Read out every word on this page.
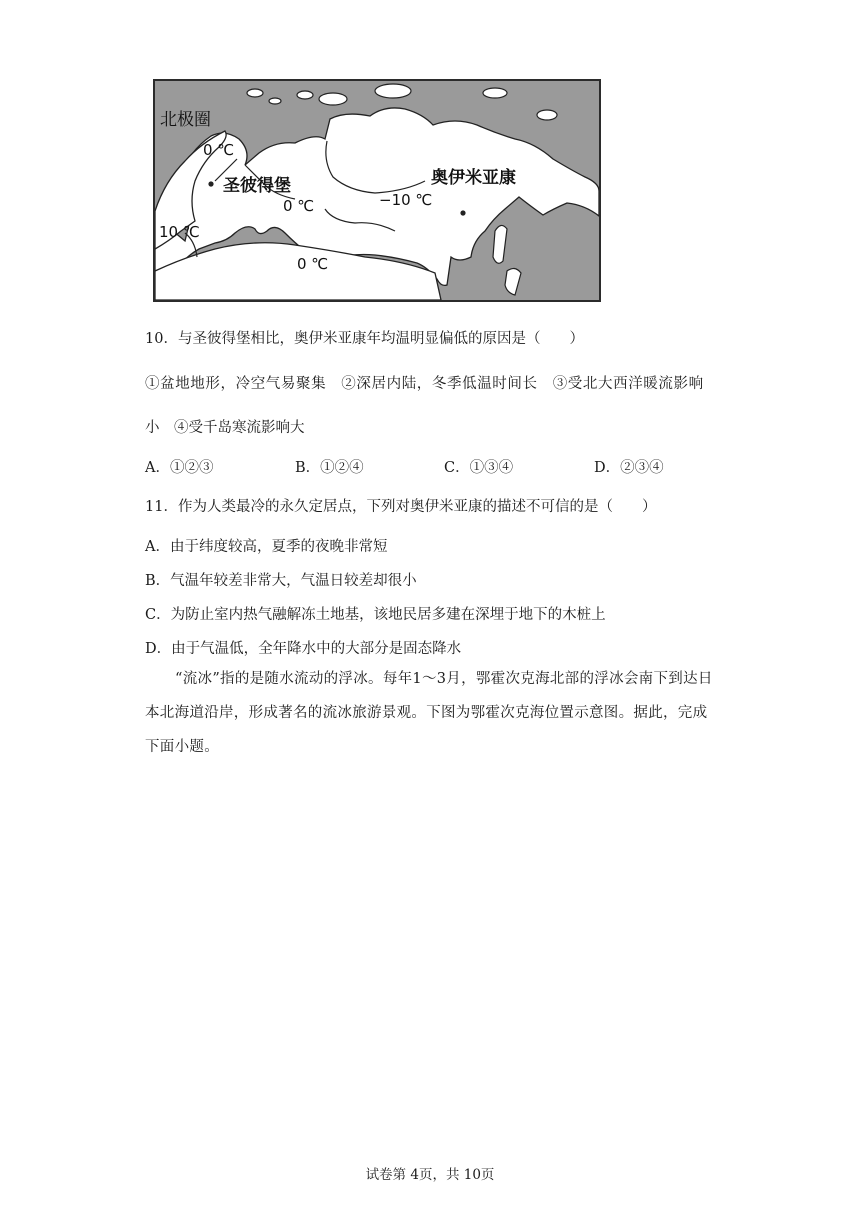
北极圈
0 ℃
圣彼得堡
0 ℃
10 ℃
0 ℃
−10 ℃
奥伊米亚康
10．与圣彼得堡相比，奥伊米亚康年均温明显偏低的原因是（　　）
①盆地地形，冷空气易聚集　②深居内陆，冬季低温时间长　③受北大西洋暖流影响
小　④受千岛寒流影响大
A．①②③	B．①②④	C．①③④	D．②③④
11．作为人类最冷的永久定居点，下列对奥伊米亚康的描述不可信的是（　　）
A．由于纬度较高，夏季的夜晚非常短
B．气温年较差非常大，气温日较差却很小
C．为防止室内热气融解冻土地基，该地民居多建在深埋于地下的木桩上
D．由于气温低，全年降水中的大部分是固态降水
“流冰”指的是随水流动的浮冰。每年1～3月，鄂霍次克海北部的浮冰会南下到达日本北海道沿岸，形成著名的流冰旅游景观。下图为鄂霍次克海位置示意图。据此，完成下面小题。
试卷第 4页，共 10页
